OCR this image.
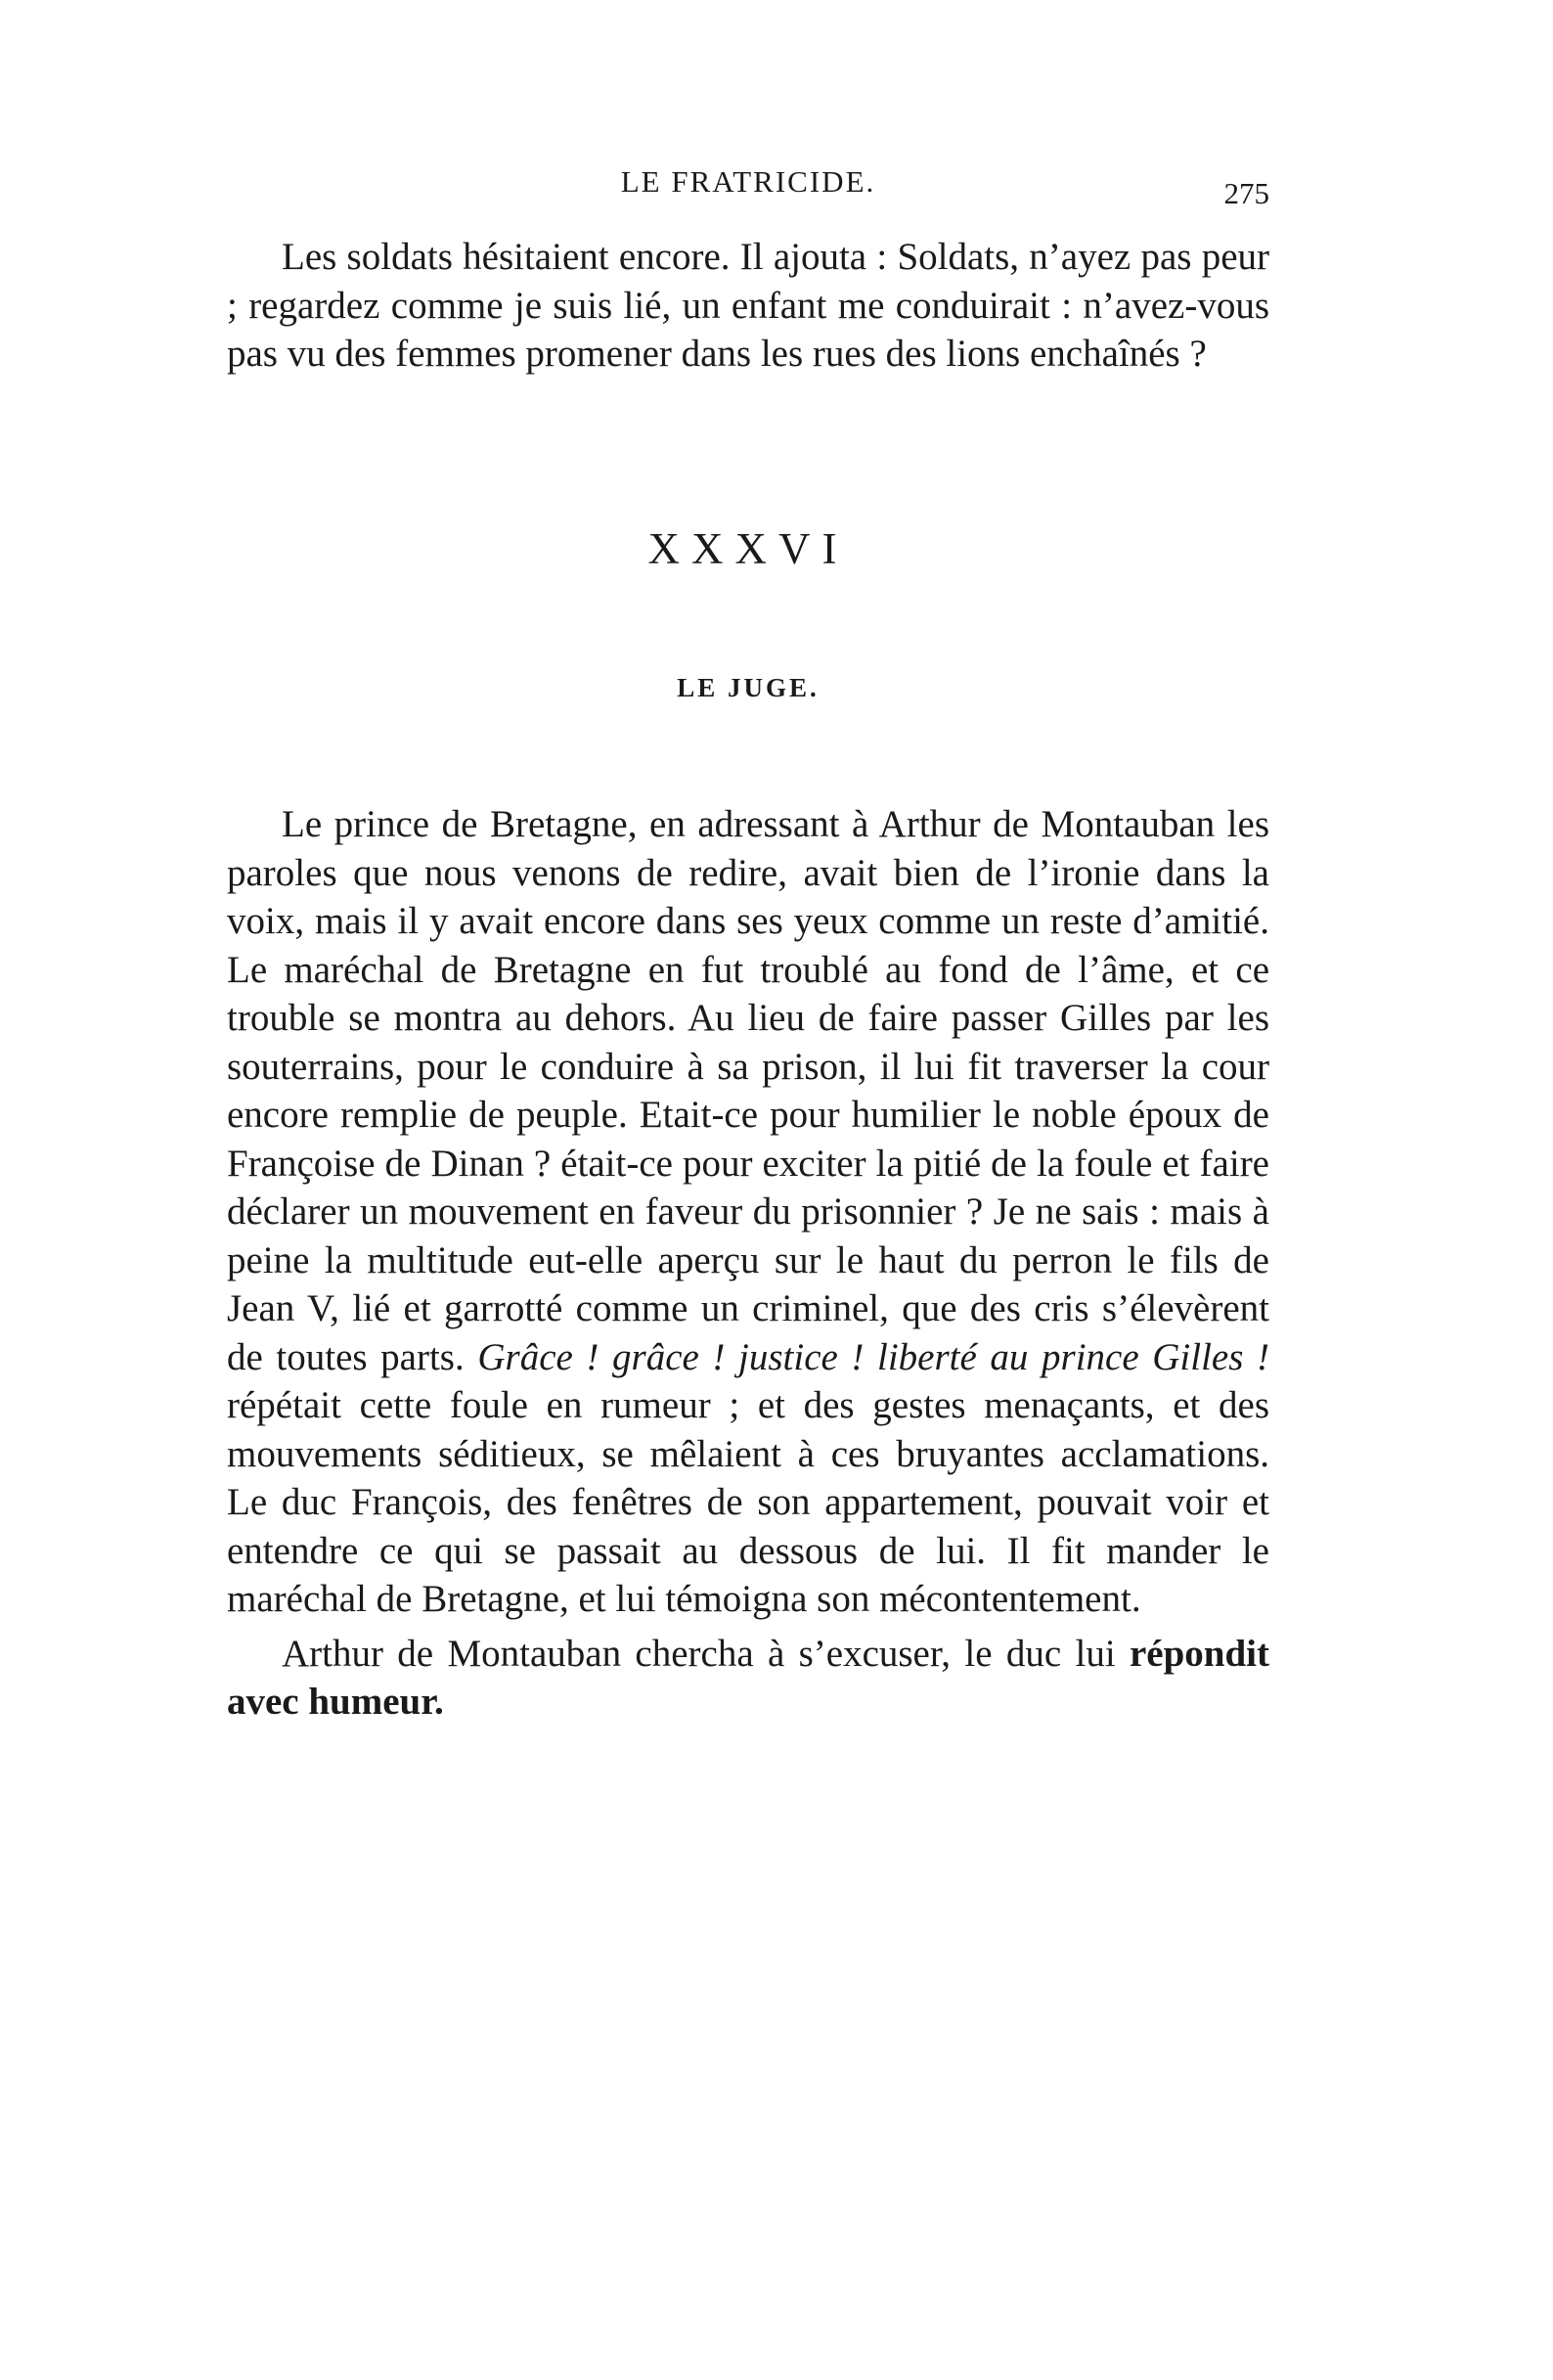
LE FRATRICIDE.	275

Les soldats hésitaient encore. Il ajouta : Soldats, n’ayez pas peur ; regardez comme je suis lié, un enfant me conduirait : n’avez-vous pas vu des femmes promener dans les rues des lions enchaînés ?

XXXVI
LE JUGE.

Le prince de Bretagne, en adressant à Arthur de Montauban les paroles que nous venons de redire, avait bien de l’ironie dans la voix, mais il y avait encore dans ses yeux comme un reste d’amitié. Le maréchal de Bretagne en fut troublé au fond de l’âme, et ce trouble se montra au dehors. Au lieu de faire passer Gilles par les souterrains, pour le conduire à sa prison, il lui fit traverser la cour encore remplie de peuple. Etait-ce pour humilier le noble époux de Françoise de Dinan ? était-ce pour exciter la pitié de la foule et faire déclarer un mouvement en faveur du prisonnier ? Je ne sais : mais à peine la multitude eut-elle aperçu sur le haut du perron le fils de Jean V, lié et garrotté comme un criminel, que des cris s’élevèrent de toutes parts. Grâce ! grâce ! justice ! liberté au prince Gilles ! répétait cette foule en rumeur ; et des gestes menaçants, et des mouvements séditieux, se mêlaient à ces bruyantes acclamations. Le duc François, des fenêtres de son appartement, pouvait voir et entendre ce qui se passait au dessous de lui. Il fit mander le maréchal de Bretagne, et lui témoigna son mécontentement.

Arthur de Montauban chercha à s’excuser, le duc lui répondit avec humeur.
